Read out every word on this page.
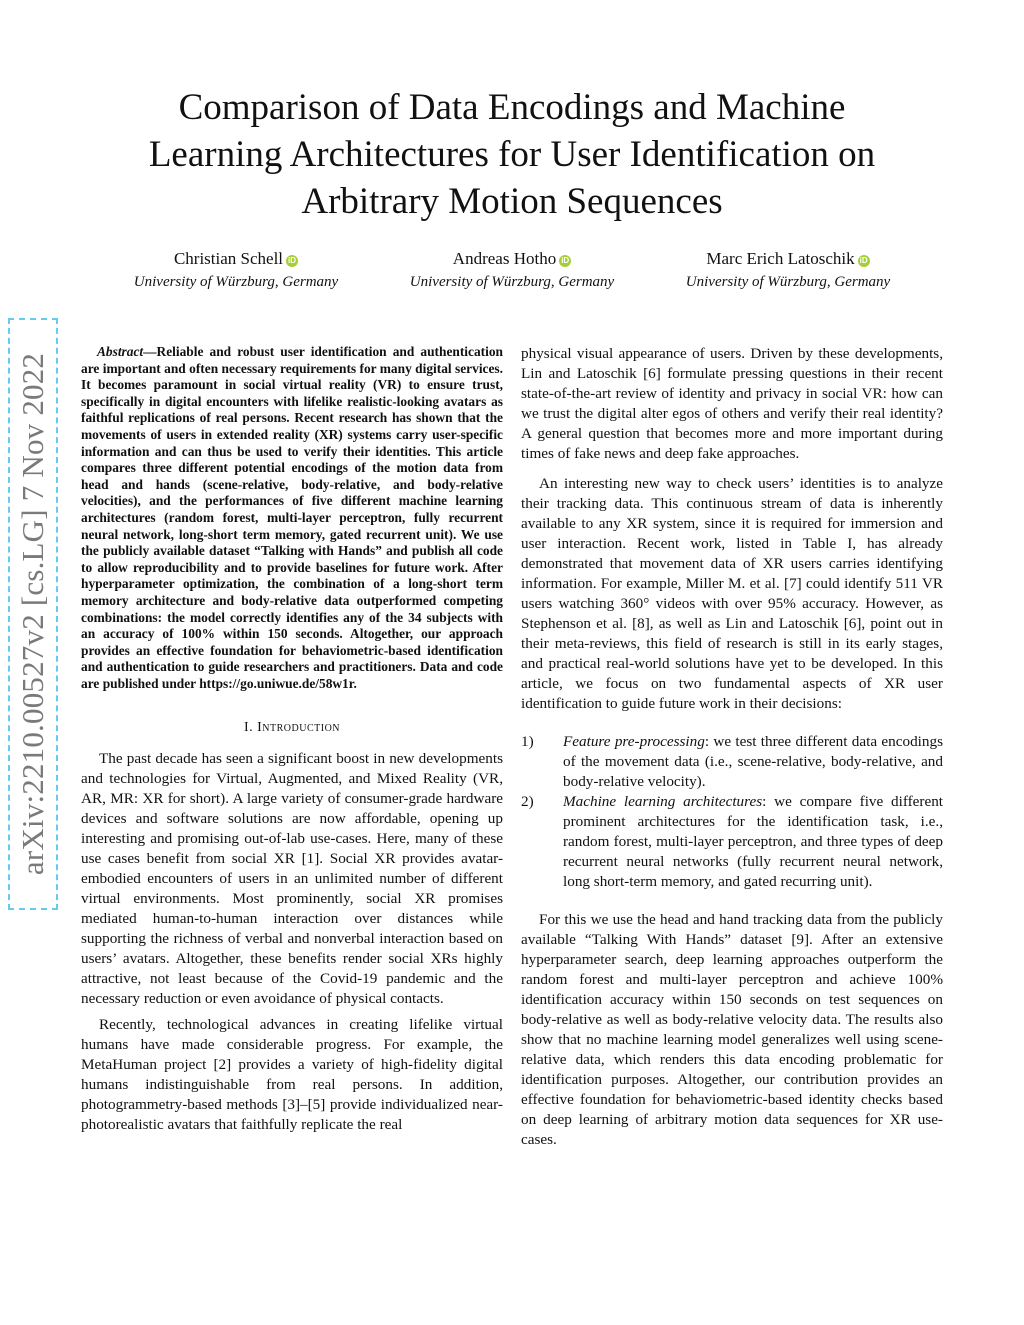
arXiv:2210.00527v2 [cs.LG] 7 Nov 2022
Comparison of Data Encodings and Machine
Learning Architectures for User Identification on
Arbitrary Motion Sequences
Christian Schell iD
University of Würzburg, Germany
Andreas Hotho iD
University of Würzburg, Germany
Marc Erich Latoschik iD
University of Würzburg, Germany

Abstract—Reliable and robust user identification and authentication are important and often necessary requirements for many digital services. It becomes paramount in social virtual reality (VR) to ensure trust, specifically in digital encounters with lifelike realistic-looking avatars as faithful replications of real persons. Recent research has shown that the movements of users in extended reality (XR) systems carry user-specific information and can thus be used to verify their identities. This article compares three different potential encodings of the motion data from head and hands (scene-relative, body-relative, and body-relative velocities), and the performances of five different machine learning architectures (random forest, multi-layer perceptron, fully recurrent neural network, long-short term memory, gated recurrent unit). We use the publicly available dataset “Talking with Hands” and publish all code to allow reproducibility and to provide baselines for future work. After hyperparameter optimization, the combination of a long-short term memory architecture and body-relative data outperformed competing combinations: the model correctly identifies any of the 34 subjects with an accuracy of 100% within 150 seconds. Altogether, our approach provides an effective foundation for behaviometric-based identification and authentication to guide researchers and practitioners. Data and code are published under https://go.uniwue.de/58w1r.

I. Introduction

The past decade has seen a significant boost in new developments and technologies for Virtual, Augmented, and Mixed Reality (VR, AR, MR: XR for short). A large variety of consumer-grade hardware devices and software solutions are now affordable, opening up interesting and promising out-of-lab use-cases. Here, many of these use cases benefit from social XR [1]. Social XR provides avatar-embodied encounters of users in an unlimited number of different virtual environments. Most prominently, social XR promises mediated human-to-human interaction over distances while supporting the richness of verbal and nonverbal interaction based on users’ avatars. Altogether, these benefits render social XRs highly attractive, not least because of the Covid-19 pandemic and the necessary reduction or even avoidance of physical contacts.

Recently, technological advances in creating lifelike virtual humans have made considerable progress. For example, the MetaHuman project [2] provides a variety of high-fidelity digital humans indistinguishable from real persons. In addition, photogrammetry-based methods [3]–[5] provide individualized near-photorealistic avatars that faithfully replicate the real

physical visual appearance of users. Driven by these developments, Lin and Latoschik [6] formulate pressing questions in their recent state-of-the-art review of identity and privacy in social VR: how can we trust the digital alter egos of others and verify their real identity? A general question that becomes more and more important during times of fake news and deep fake approaches.

An interesting new way to check users’ identities is to analyze their tracking data. This continuous stream of data is inherently available to any XR system, since it is required for immersion and user interaction. Recent work, listed in Table I, has already demonstrated that movement data of XR users carries identifying information. For example, Miller M. et al. [7] could identify 511 VR users watching 360° videos with over 95% accuracy. However, as Stephenson et al. [8], as well as Lin and Latoschik [6], point out in their meta-reviews, this field of research is still in its early stages, and practical real-world solutions have yet to be developed. In this article, we focus on two fundamental aspects of XR user identification to guide future work in their decisions:

1) Feature pre-processing: we test three different data encodings of the movement data (i.e., scene-relative, body-relative, and body-relative velocity).
2) Machine learning architectures: we compare five different prominent architectures for the identification task, i.e., random forest, multi-layer perceptron, and three types of deep recurrent neural networks (fully recurrent neural network, long short-term memory, and gated recurring unit).

For this we use the head and hand tracking data from the publicly available “Talking With Hands” dataset [9]. After an extensive hyperparameter search, deep learning approaches outperform the random forest and multi-layer perceptron and achieve 100% identification accuracy within 150 seconds on test sequences on body-relative as well as body-relative velocity data. The results also show that no machine learning model generalizes well using scene-relative data, which renders this data encoding problematic for identification purposes. Altogether, our contribution provides an effective foundation for behaviometric-based identity checks based on deep learning of arbitrary motion data sequences for XR use-cases.
